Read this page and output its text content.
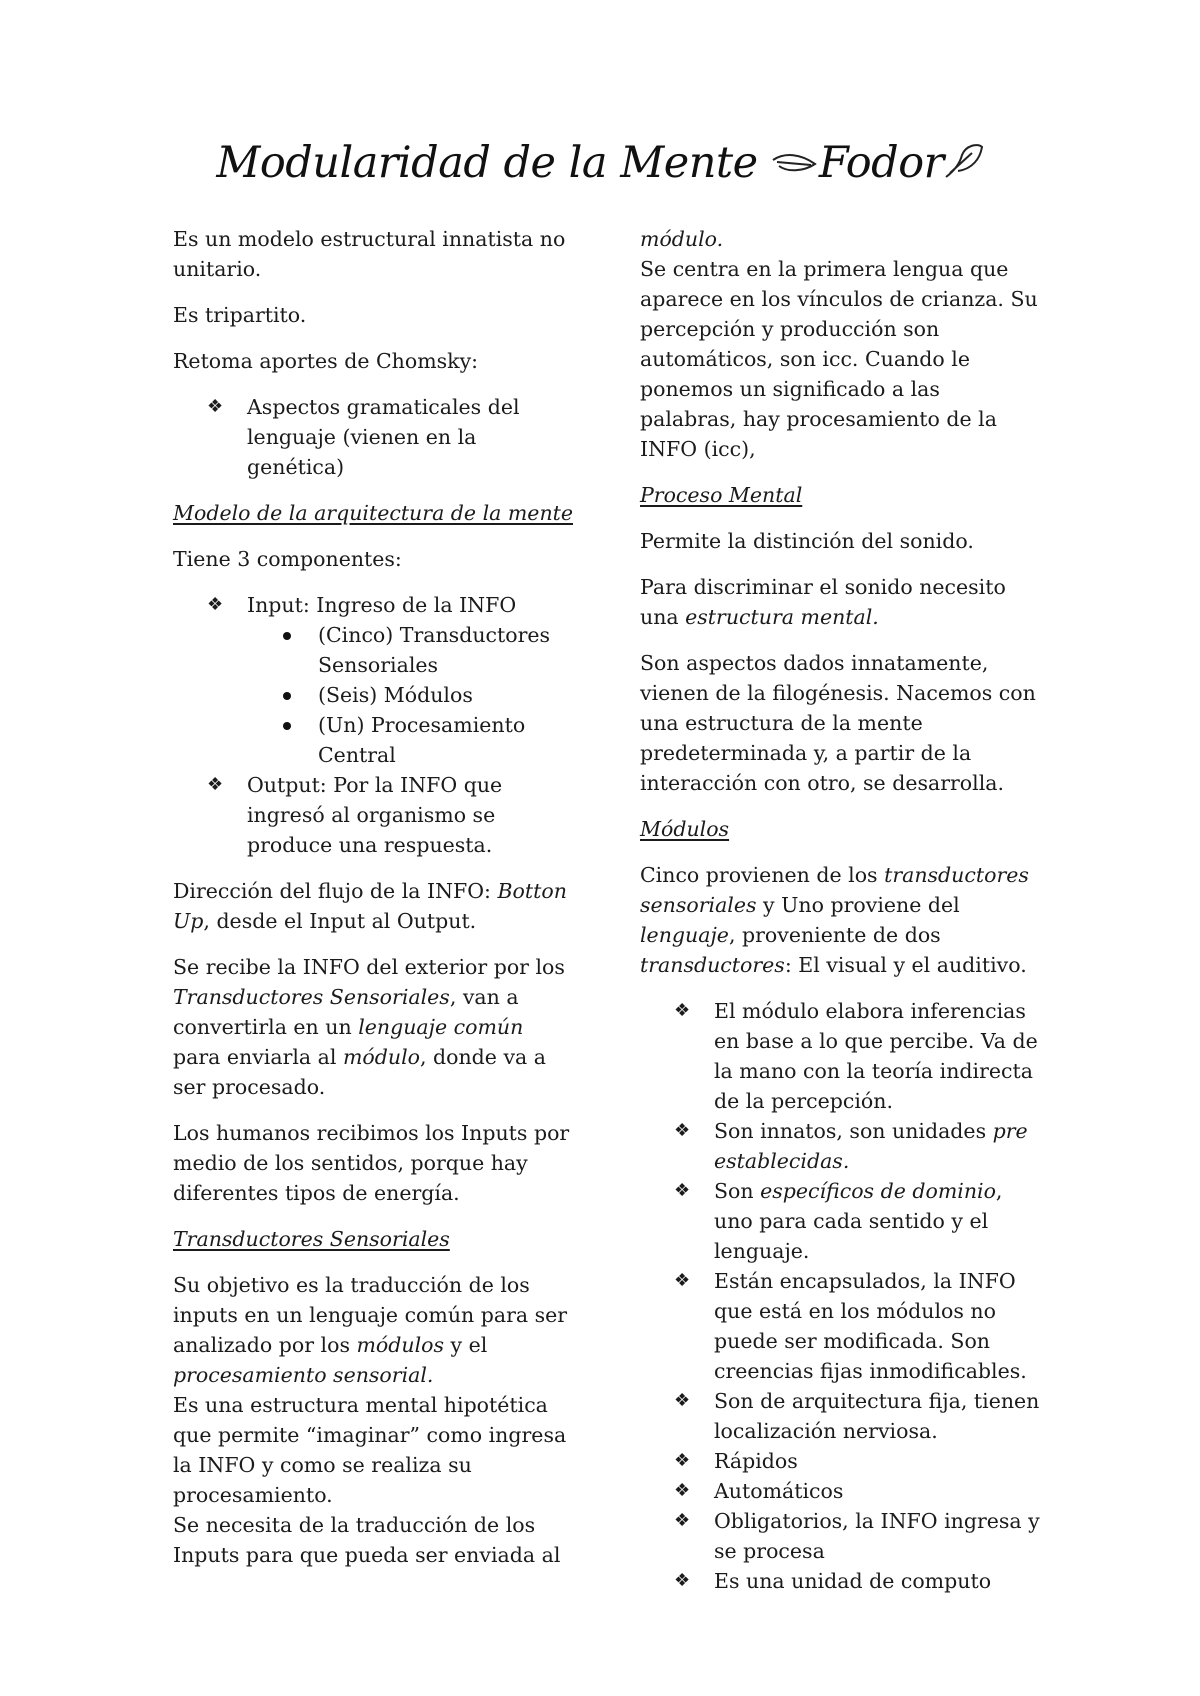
Modularidad de la Mente Fodor

Es un modelo estructural innatista no unitario.

Es tripartito.

Retoma aportes de Chomsky:

❖ Aspectos gramaticales del lenguaje (vienen en la genética)

Modelo de la arquitectura de la mente

Tiene 3 componentes:

❖ Input: Ingreso de la INFO
(Cinco) Transductores Sensoriales
(Seis) Módulos
(Un) Procesamiento Central
❖ Output: Por la INFO que ingresó al organismo se produce una respuesta.

Dirección del flujo de la INFO: Botton Up, desde el Input al Output.

Se recibe la INFO del exterior por los Transductores Sensoriales, van a convertirla en un lenguaje común para enviarla al módulo, donde va a ser procesado.

Los humanos recibimos los Inputs por medio de los sentidos, porque hay diferentes tipos de energía.

Transductores Sensoriales

Su objetivo es la traducción de los inputs en un lenguaje común para ser analizado por los módulos y el procesamiento sensorial.

Es una estructura mental hipotética que permite “imaginar” como ingresa la INFO y como se realiza su procesamiento.

Se necesita de la traducción de los Inputs para que pueda ser enviada al

módulo.

Se centra en la primera lengua que aparece en los vínculos de crianza. Su percepción y producción son automáticos, son icc. Cuando le ponemos un significado a las palabras, hay procesamiento de la INFO (icc),

Proceso Mental

Permite la distinción del sonido.

Para discriminar el sonido necesito una estructura mental.

Son aspectos dados innatamente, vienen de la filogénesis. Nacemos con una estructura de la mente predeterminada y, a partir de la interacción con otro, se desarrolla.

Módulos

Cinco provienen de los transductores sensoriales y Uno proviene del lenguaje, proveniente de dos transductores: El visual y el auditivo.

❖ El módulo elabora inferencias en base a lo que percibe. Va de la mano con la teoría indirecta de la percepción.
❖ Son innatos, son unidades pre establecidas.
❖ Son específicos de dominio, uno para cada sentido y el lenguaje.
❖ Están encapsulados, la INFO que está en los módulos no puede ser modificada. Son creencias fijas inmodificables.
❖ Son de arquitectura fija, tienen localización nerviosa.
❖ Rápidos
❖ Automáticos
❖ Obligatorios, la INFO ingresa y se procesa
❖ Es una unidad de computo
